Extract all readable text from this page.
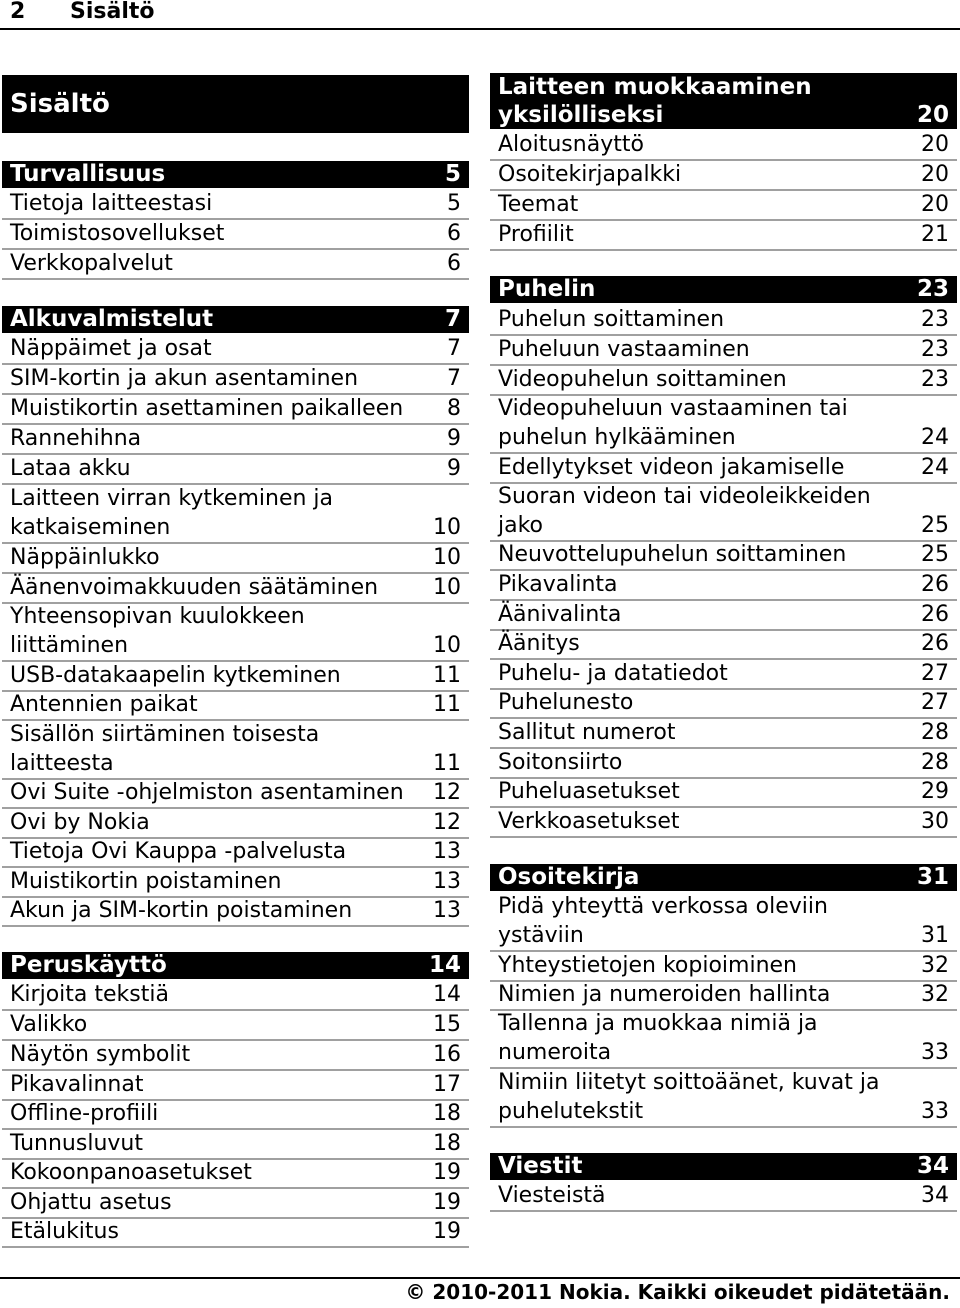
2 Sisältö
Sisältö
Turvallisuus	5
Tietoja laitteestasi	5
Toimistosovellukset	6
Verkkopalvelut	6
Alkuvalmistelut	7
Näppäimet ja osat	7
SIM-kortin ja akun asentaminen	7
Muistikortin asettaminen paikalleen 8
Rannehihna	9
Lataa akku	9
Laitteen virran kytkeminen ja katkaiseminen	10
Näppäinlukko	10
Äänenvoimakkuuden säätäminen 10
Yhteensopivan kuulokkeen liittäminen	10
USB-datakaapelin kytkeminen	11
Antennien paikat	11
Sisällön siirtäminen toisesta laitteesta	11
Ovi Suite -ohjelmiston asentaminen 12
Ovi by Nokia	12
Tietoja Ovi Kauppa -palvelusta	13
Muistikortin poistaminen	13
Akun ja SIM-kortin poistaminen	13
Peruskäyttö	14
Kirjoita tekstiä	14
Valikko	15
Näytön symbolit	16
Pikavalinnat	17
Offline-profiili	18
Tunnusluvut	18
Kokoonpanoasetukset	19
Ohjattu asetus	19
Etälukitus	19
Laitteen muokkaaminen yksilölliseksi	20
Aloitusnäyttö	20
Osoitekirjapalkki	20
Teemat	20
Profiilit	21
Puhelin	23
Puhelun soittaminen	23
Puheluun vastaaminen	23
Videopuhelun soittaminen	23
Videopuheluun vastaaminen tai puhelun hylkääminen	24
Edellytykset videon jakamiselle	24
Suoran videon tai videoleikkeiden jako	25
Neuvottelupuhelun soittaminen	25
Pikavalinta	26
Äänivalinta	26
Äänitys	26
Puhelu- ja datatiedot	27
Puhelunesto	27
Sallitut numerot	28
Soitonsiirto	28
Puheluasetukset	29
Verkkoasetukset	30
Osoitekirja	31
Pidä yhteyttä verkossa oleviin ystäviin	31
Yhteystietojen kopioiminen	32
Nimien ja numeroiden hallinta	32
Tallenna ja muokkaa nimiä ja numeroita	33
Nimiin liitetyt soittoäänet, kuvat ja puhelutekstit	33
Viestit	34
Viesteistä	34
© 2010-2011 Nokia. Kaikki oikeudet pidätetään.
